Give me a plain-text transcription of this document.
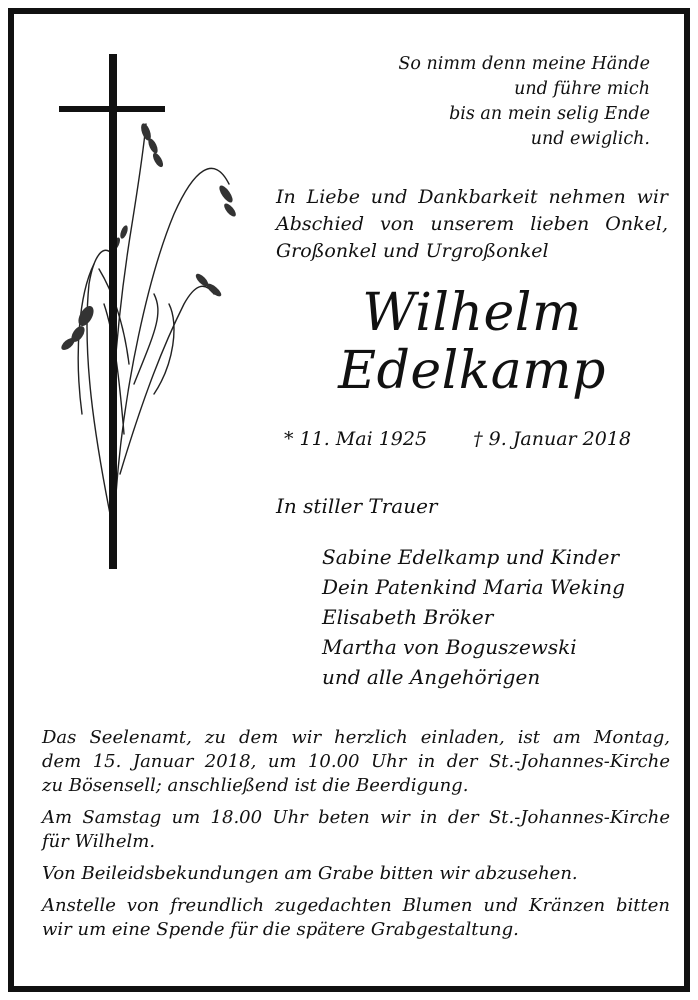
So nimm denn meine Hände
und führe mich
bis an mein selig Ende
und ewiglich.
In Liebe und Dankbarkeit nehmen wir
Abschied von unserem lieben Onkel,
Großonkel und Urgroßonkel
Wilhelm
Edelkamp
* 11. Mai 1925 † 9. Januar 2018
In stiller Trauer
Sabine Edelkamp und Kinder
Dein Patenkind Maria Weking
Elisabeth Bröker
Martha von Boguszewski
und alle Angehörigen

Das Seelenamt, zu dem wir herzlich einladen, ist am Montag,
dem 15. Januar 2018, um 10.00 Uhr in der St.-Johannes-Kirche
zu Bösensell; anschließend ist die Beerdigung.

Am Samstag um 18.00 Uhr beten wir in der St.-Johannes-Kirche
für Wilhelm.

Von Beileidsbekundungen am Grabe bitten wir abzusehen.

Anstelle von freundlich zugedachten Blumen und Kränzen bitten
wir um eine Spende für die spätere Grabgestaltung.
